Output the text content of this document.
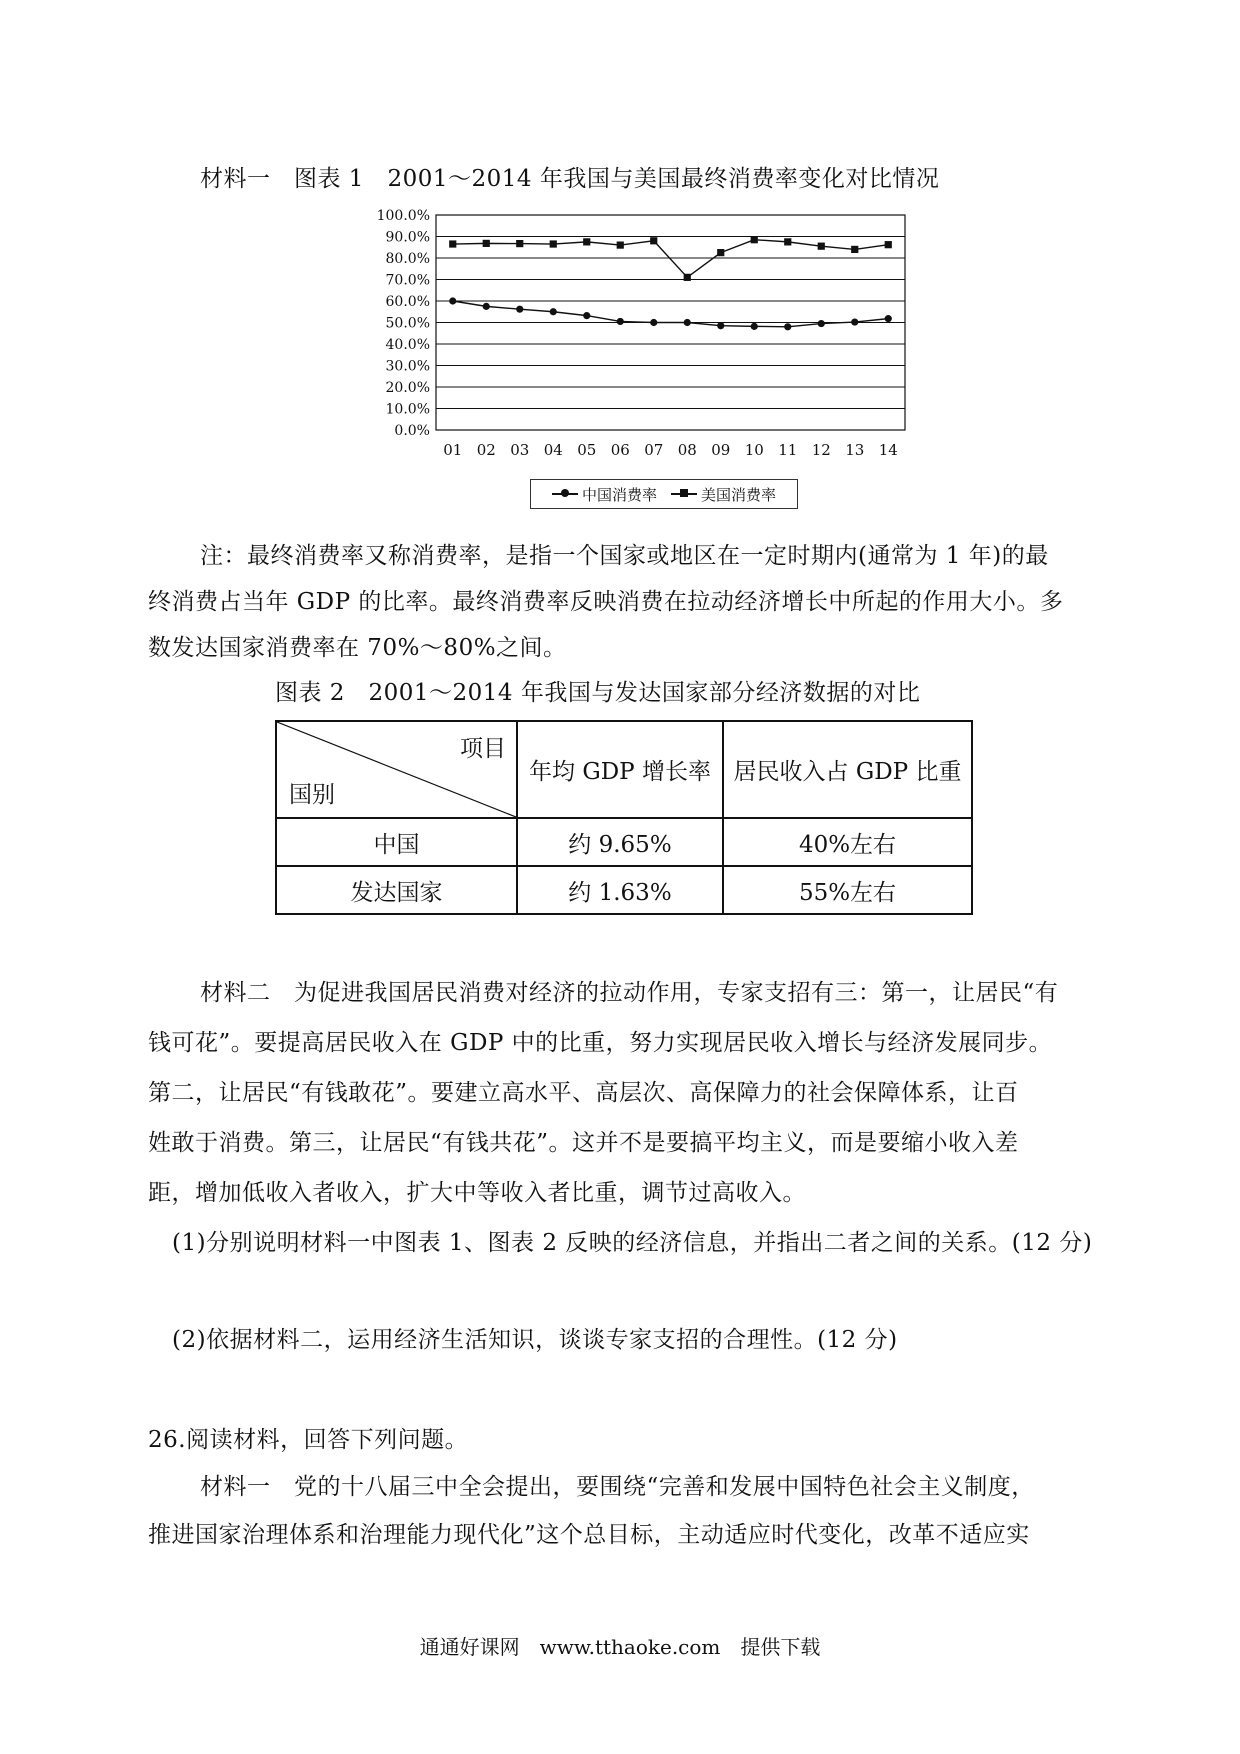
材料一　图表 1　2001～2014 年我国与美国最终消费率变化对比情况
100.0%
90.0%
80.0%
70.0%
60.0%
50.0%
40.0%
30.0%
20.0%
10.0%
0.0%
01 02 03 04 05 06 07 08 09 10 11 12 13 14
中国消费率	美国消费率
注：最终消费率又称消费率，是指一个国家或地区在一定时期内(通常为 1 年)的最
终消费占当年 GDP 的比率。最终消费率反映消费在拉动经济增长中所起的作用大小。多
数发达国家消费率在 70%～80%之间。
图表 2　2001～2014 年我国与发达国家部分经济数据的对比
项目
国别	年均 GDP 增长率	居民收入占 GDP 比重
中国	约 9.65%	40%左右
发达国家	约 1.63%	55%左右
材料二　为促进我国居民消费对经济的拉动作用，专家支招有三：第一，让居民“有
钱可花”。要提高居民收入在 GDP 中的比重，努力实现居民收入增长与经济发展同步。
第二，让居民“有钱敢花”。要建立高水平、高层次、高保障力的社会保障体系，让百
姓敢于消费。第三，让居民“有钱共花”。这并不是要搞平均主义，而是要缩小收入差
距，增加低收入者收入，扩大中等收入者比重，调节过高收入。
(1)分别说明材料一中图表 1、图表 2 反映的经济信息，并指出二者之间的关系。(12 分)
(2)依据材料二，运用经济生活知识，谈谈专家支招的合理性。(12 分)
26.阅读材料，回答下列问题。
材料一　党的十八届三中全会提出，要围绕“完善和发展中国特色社会主义制度，
推进国家治理体系和治理能力现代化”这个总目标，主动适应时代变化，改革不适应实
通通好课网　www.tthaoke.com　提供下载
